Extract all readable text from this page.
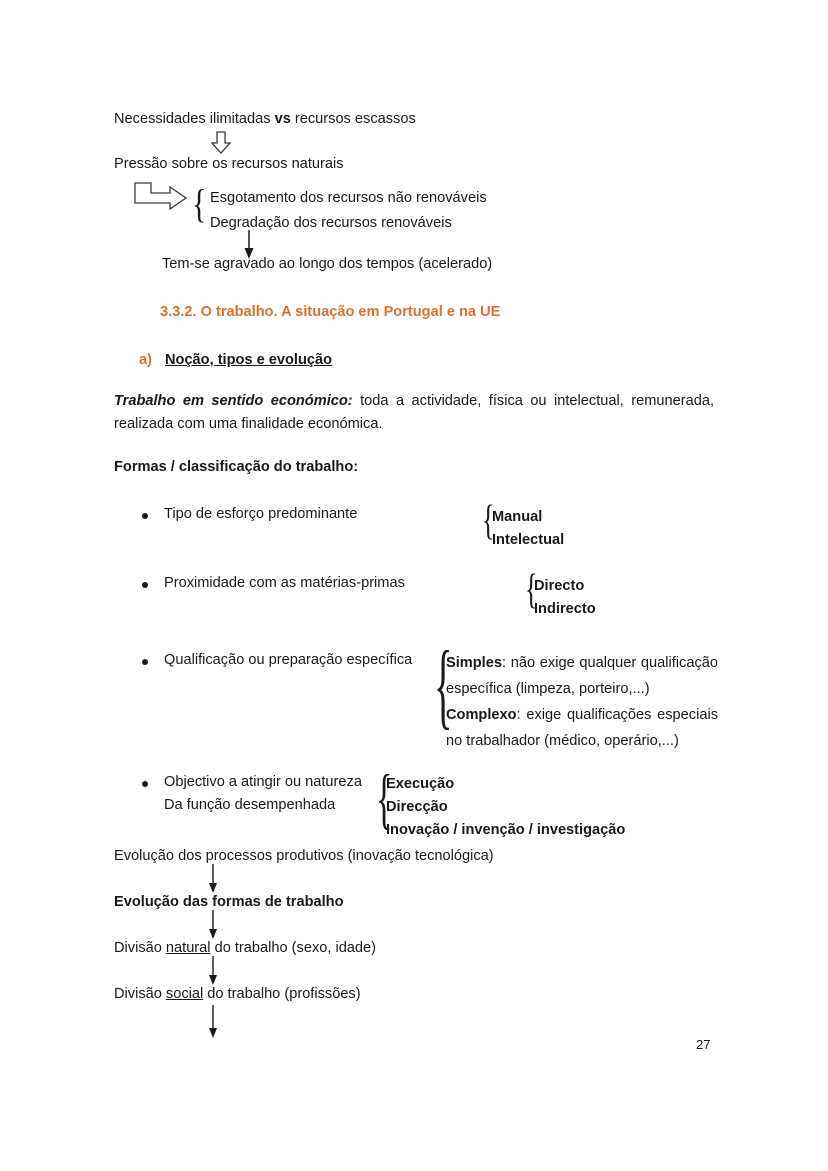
Necessidades ilimitadas vs recursos escassos
Pressão sobre os recursos naturais
{ Esgotamento dos recursos não renováveis
Degradação dos recursos renováveis
Tem-se agravado ao longo dos tempos (acelerado)
3.3.2. O trabalho. A situação em Portugal e na UE
a) Noção, tipos e evolução
Trabalho em sentido económico: toda a actividade, física ou intelectual, remunerada, realizada com uma finalidade económica.
Formas / classificação do trabalho:
Tipo de esforço predominante	{
Manual
Intelectual
Proximidade com as matérias-primas	{
Directo
Indirecto
Qualificação ou preparação específica {
Simples: não exige qualquer qualificação específica (limpeza, porteiro,...)
Complexo: exige qualificações especiais no trabalhador (médico, operário,...)
Objectivo a atingir ou natureza
Da função desempenhada {
Execução
Direcção
Inovação / invenção / investigação
Evolução dos processos produtivos (inovação tecnológica)
Evolução das formas de trabalho
Divisão natural do trabalho (sexo, idade)
Divisão social do trabalho (profissões)
27
